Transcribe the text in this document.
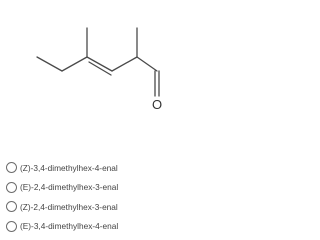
O
(Z)-3,4-dimethylhex-4-enal
(E)-2,4-dimethylhex-3-enal
(Z)-2,4-dimethylhex-3-enal
(E)-3,4-dimethylhex-4-enal
